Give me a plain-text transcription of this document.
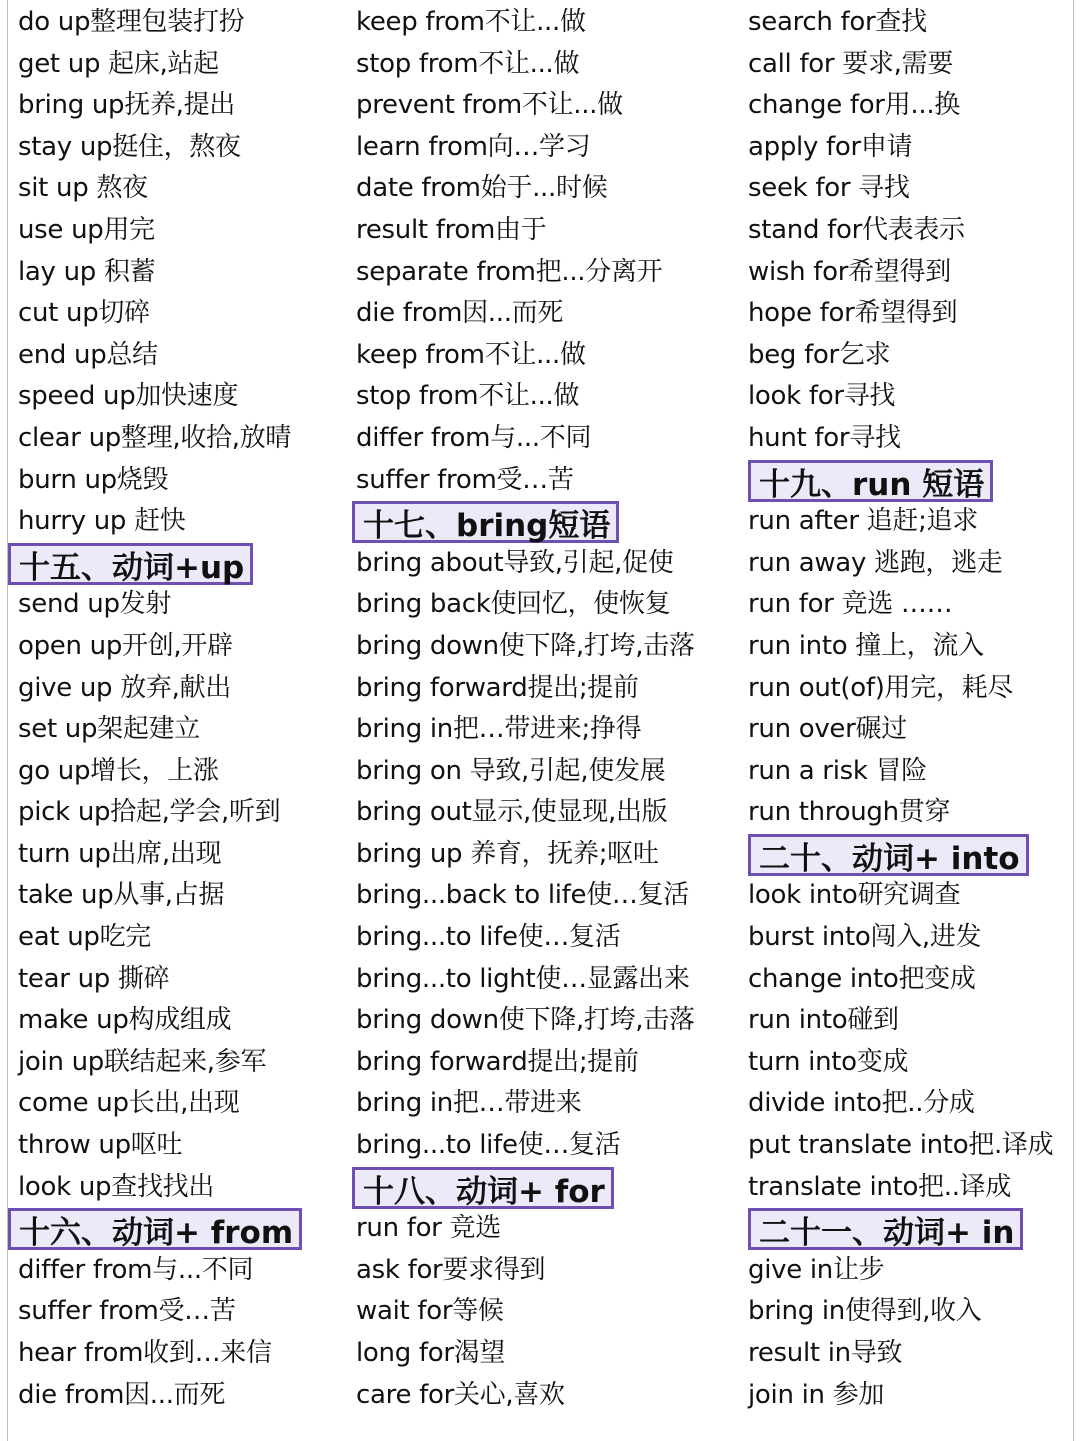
do up整理包装打扮
get up 起床,站起
bring up抚养,提出
stay up挺住，熬夜
sit up 熬夜
use up用完
lay up 积蓄
cut up切碎
end up总结
speed up加快速度
clear up整理,收拾,放晴
burn up烧毁
hurry up 赶快
十五、动词+up
send up发射
open up开创,开辟
give up 放弃,献出
set up架起建立
go up增长，上涨
pick up拾起,学会,听到
turn up出席,出现
take up从事,占据
eat up吃完
tear up 撕碎
make up构成组成
join up联结起来,参军
come up长出,出现
throw up呕吐
look up查找找出
十六、动词+ from
differ from与...不同
suffer from受…苦
hear from收到…来信
die from因...而死
keep from不让...做
stop from不让...做
prevent from不让...做
learn from向…学习
date from始于...时候
result from由于
separate from把...分离开
die from因...而死
keep from不让...做
stop from不让...做
differ from与...不同
suffer from受…苦
十七、bring短语
bring about导致,引起,促使
bring back使回忆，使恢复
bring down使下降,打垮,击落
bring forward提出;提前
bring in把…带进来;挣得
bring on 导致,引起,使发展
bring out显示,使显现,出版
bring up 养育，抚养;呕吐
bring...back to life使…复活
bring...to life使…复活
bring...to light使…显露出来
bring down使下降,打垮,击落
bring forward提出;提前
bring in把…带进来
bring...to life使…复活
十八、动词+ for
run for 竞选
ask for要求得到
wait for等候
long for渴望
care for关心,喜欢
search for查找
call for 要求,需要
change for用...换
apply for申请
seek for 寻找
stand for代表表示
wish for希望得到
hope for希望得到
beg for乞求
look for寻找
hunt for寻找
十九、run 短语
run after 追赶;追求
run away 逃跑，逃走
run for 竞选 ……
run into 撞上，流入
run out(of)用完，耗尽
run over碾过
run a risk 冒险
run through贯穿
二十、动词+ into
look into研究调查
burst into闯入,进发
change into把变成
run into碰到
turn into变成
divide into把..分成
put translate into把.译成
translate into把..译成
二十一、动词+ in
give in让步
bring in使得到,收入
result in导致
join in 参加
